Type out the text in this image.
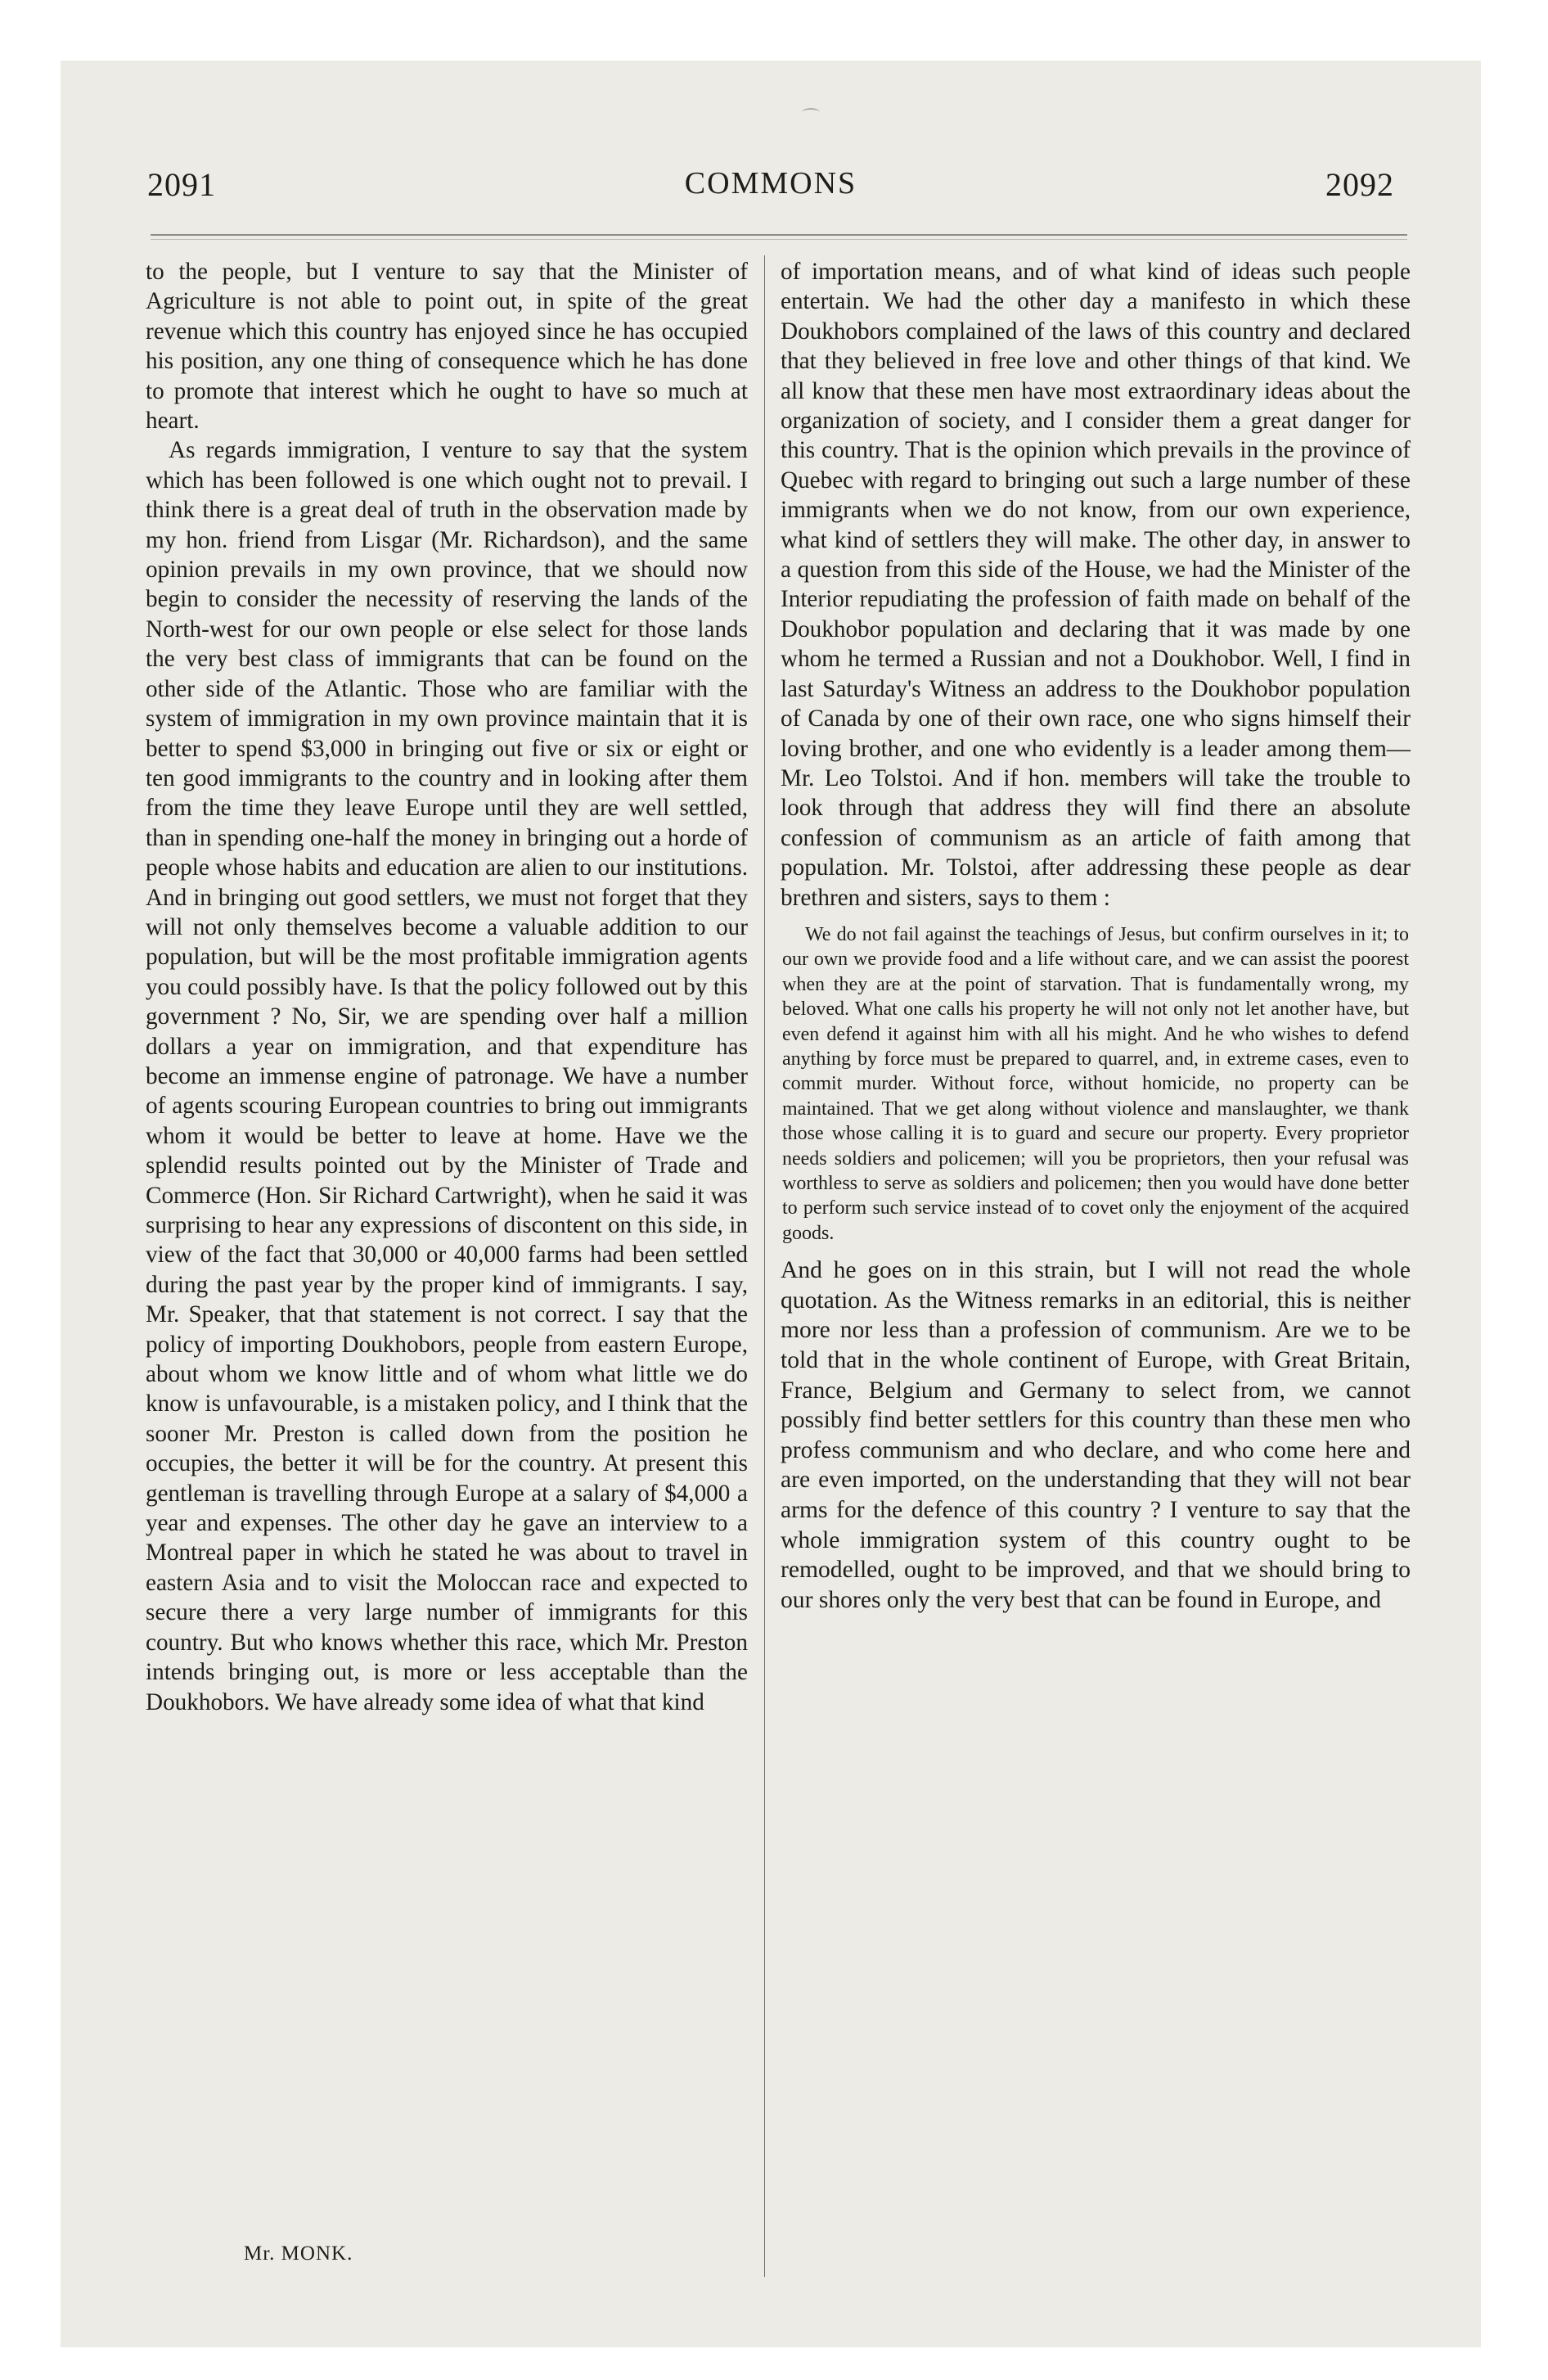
2091	COMMONS	2092

to the people, but I venture to say that the Minister of Agriculture is not able to point out, in spite of the great revenue which this country has enjoyed since he has occupied his position, any one thing of consequence which he has done to promote that interest which he ought to have so much at heart.

As regards immigration, I venture to say that the system which has been followed is one which ought not to prevail. I think there is a great deal of truth in the observation made by my hon. friend from Lisgar (Mr. Richardson), and the same opinion prevails in my own province, that we should now begin to consider the necessity of reserving the lands of the North-west for our own people or else select for those lands the very best class of immigrants that can be found on the other side of the Atlantic. Those who are familiar with the system of immigration in my own province maintain that it is better to spend $3,000 in bringing out five or six or eight or ten good immigrants to the country and in looking after them from the time they leave Europe until they are well settled, than in spending one-half the money in bringing out a horde of people whose habits and education are alien to our institutions. And in bringing out good settlers, we must not forget that they will not only themselves become a valuable addition to our population, but will be the most profitable immigration agents you could possibly have. Is that the policy followed out by this government ? No, Sir, we are spending over half a million dollars a year on immigration, and that expenditure has become an immense engine of patronage. We have a number of agents scouring European countries to bring out immigrants whom it would be better to leave at home. Have we the splendid results pointed out by the Minister of Trade and Commerce (Hon. Sir Richard Cartwright), when he said it was surprising to hear any expressions of discontent on this side, in view of the fact that 30,000 or 40,000 farms had been settled during the past year by the proper kind of immigrants. I say, Mr. Speaker, that that statement is not correct. I say that the policy of importing Doukhobors, people from eastern Europe, about whom we know little and of whom what little we do know is unfavourable, is a mistaken policy, and I think that the sooner Mr. Preston is called down from the position he occupies, the better it will be for the country. At present this gentleman is travelling through Europe at a salary of $4,000 a year and expenses. The other day he gave an interview to a Montreal paper in which he stated he was about to travel in eastern Asia and to visit the Moloccan race and expected to secure there a very large number of immigrants for this country. But who knows whether this race, which Mr. Preston intends bringing out, is more or less acceptable than the Doukhobors. We have already some idea of what that kind

of importation means, and of what kind of ideas such people entertain. We had the other day a manifesto in which these Doukhobors complained of the laws of this country and declared that they believed in free love and other things of that kind. We all know that these men have most extraordinary ideas about the organization of society, and I consider them a great danger for this country. That is the opinion which prevails in the province of Quebec with regard to bringing out such a large number of these immigrants when we do not know, from our own experience, what kind of settlers they will make. The other day, in answer to a question from this side of the House, we had the Minister of the Interior repudiating the profession of faith made on behalf of the Doukhobor population and declaring that it was made by one whom he termed a Russian and not a Doukhobor. Well, I find in last Saturday's Witness an address to the Doukhobor population of Canada by one of their own race, one who signs himself their loving brother, and one who evidently is a leader among them—Mr. Leo Tolstoi. And if hon. members will take the trouble to look through that address they will find there an absolute confession of communism as an article of faith among that population. Mr. Tolstoi, after addressing these people as dear brethren and sisters, says to them :

We do not fail against the teachings of Jesus, but confirm ourselves in it; to our own we provide food and a life without care, and we can assist the poorest when they are at the point of starvation. That is fundamentally wrong, my beloved. What one calls his property he will not only not let another have, but even defend it against him with all his might. And he who wishes to defend anything by force must be prepared to quarrel, and, in extreme cases, even to commit murder. Without force, without homicide, no property can be maintained. That we get along without violence and manslaughter, we thank those whose calling it is to guard and secure our property. Every proprietor needs soldiers and policemen; will you be proprietors, then your refusal was worthless to serve as soldiers and policemen; then you would have done better to perform such service instead of to covet only the enjoyment of the acquired goods.

And he goes on in this strain, but I will not read the whole quotation. As the Witness remarks in an editorial, this is neither more nor less than a profession of communism. Are we to be told that in the whole continent of Europe, with Great Britain, France, Belgium and Germany to select from, we cannot possibly find better settlers for this country than these men who profess communism and who declare, and who come here and are even imported, on the understanding that they will not bear arms for the defence of this country ? I venture to say that the whole immigration system of this country ought to be remodelled, ought to be improved, and that we should bring to our shores only the very best that can be found in Europe, and

Mr. MONK.
